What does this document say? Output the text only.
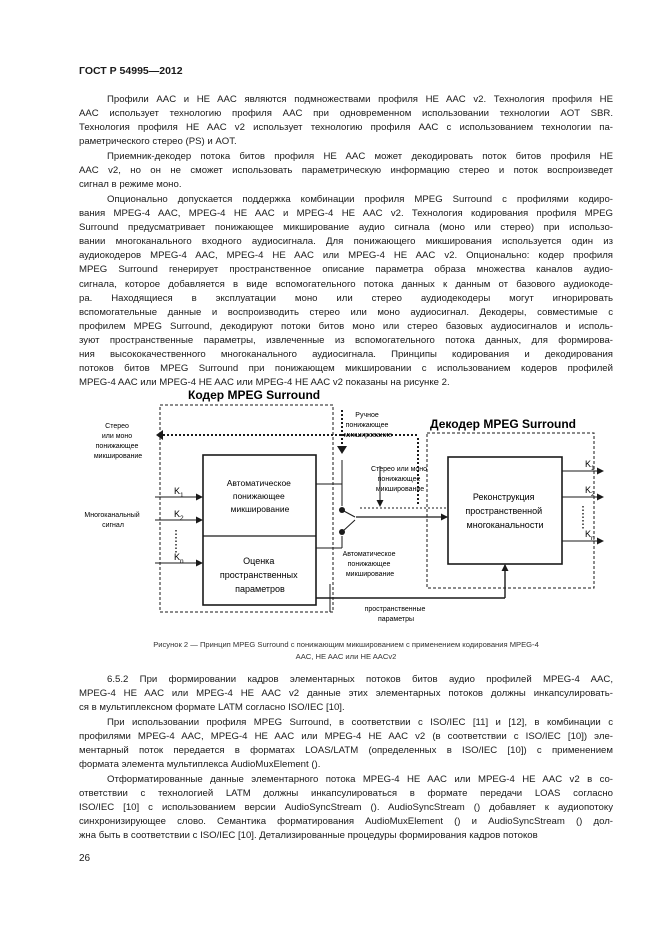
ГОСТ Р 54995—2012
Профили AAC и HE AAC являются подмножествами профиля HE AAC v2. Технология профиля HE
AAC использует технологию профиля AAC при одновременном использовании технологии AOT SBR.
Технология профиля HE AAC v2 использует технологию профиля AAC с использованием технологии па-
раметрического стерео (PS) и AOT.
Приемник-декодер потока битов профиля HE AAC может декодировать поток битов профиля HE
AAC v2, но он не сможет использовать параметрическую информацию стерео и поток воспроизведет
сигнал в режиме моно.
Опционально допускается поддержка комбинации профиля MPEG Surround с профилями кодиро-
вания MPEG-4 AAC, MPEG-4 HE AAC и MPEG-4 HE AAC v2. Технология кодирования профиля MPEG
Surround предусматривает понижающее микширование аудио сигнала (моно или стерео) при использо-
вании многоканального входного аудиосигнала. Для понижающего микширования используется один из
аудиокодеров MPEG-4 AAC, MPEG-4 HE AAC или MPEG-4 HE AAC v2. Опционально: кодер профиля
MPEG Surround генерирует пространственное описание параметра образа множества каналов аудио-
сигнала, которое добавляется в виде вспомогательного потока данных к данным от базового аудиокоде-
ра. Находящиеся в эксплуатации моно или стерео аудиодекодеры могут игнорировать
вспомогательные данные и воспроизводить стерео или моно аудиосигнал. Декодеры, совместимые с
профилем MPEG Surround, декодируют потоки битов моно или стерео базовых аудиосигналов и исполь-
зуют пространственные параметры, извлеченные из вспомогательного потока данных, для формирова-
ния высококачественного многоканального аудиосигнала. Принципы кодирования и декодирования
потоков битов MPEG Surround при понижающем микшировании с использованием кодеров профилей
MPEG-4 AAC или MPEG-4 HE AAC или MPEG-4 HE AAC v2 показаны на рисунке 2.
Кодер MPEG Surround
Декодер MPEG Surround
$K_1$
$K_2$
$K_n$
Стерео или моно понижающее микширование
Многоканальный сигнал
Автоматическое понижающее микширование
Оценка пространственных параметров
Ручное понижающее микширование
Стерео или моно понижающее микширование
Автоматическое понижающее микширование
пространственные параметры
Реконструкция пространственной многоканальности
$K_1$
$K_2$
$K_n$
Рисунок 2 — Принцип MPEG Surround с понижающим микшированием с применением кодирования MPEG-4
AAC, HE AAC или HE AACv2
6.5.2 При формировании кадров элементарных потоков битов аудио профилей MPEG-4 AAC,
MPEG-4 HE AAC или MPEG-4 HE AAC v2 данные этих элементарных потоков должны инкапсулировать-
ся в мультиплексном формате LATM согласно ISO/IEC [10].
При использовании профиля MPEG Surround, в соответствии с ISO/IEC [11] и [12], в комбинации с
профилями MPEG-4 AAC, MPEG-4 HE AAC или MPEG-4 HE AAC v2 (в соответствии с ISO/IEC [10]) эле-
ментарный поток передается в форматах LOAS/LATM (определенных в ISO/IEC [10]) с применением
формата элемента мультиплекса AudioMuxElement ().
Отформатированные данные элементарного потока MPEG-4 HE AAC или MPEG-4 HE AAC v2 в со-
ответствии с технологией LATM должны инкапсулироваться в формате передачи LOAS согласно
ISO/IEC [10] с использованием версии AudioSyncStream (). AudioSyncStream () добавляет к аудиопотоку
синхронизирующее слово. Семантика форматирования AudioMuxElement () и AudioSyncStream () дол-
жна быть в соответствии с ISO/IEC [10]. Детализированные процедуры формирования кадров потоков
26
